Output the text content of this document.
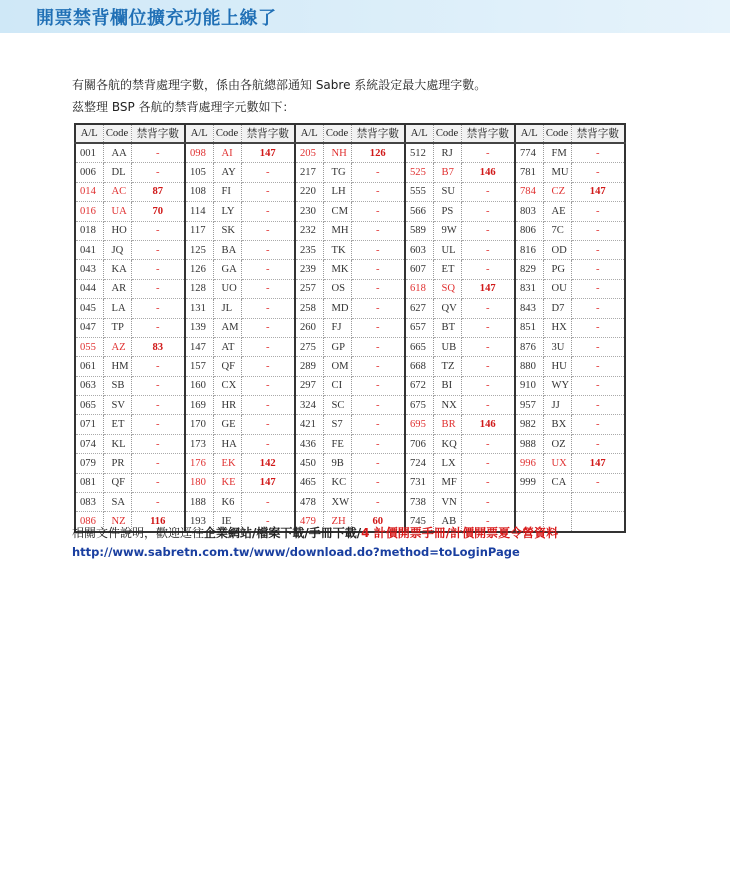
開票禁背欄位擴充功能上線了
有關各航的禁背處理字數，係由各航總部通知 Sabre 系統設定最大處理字數。
茲整理 BSP 各航的禁背處理字元數如下：
A/L	Code	禁背字數	A/L	Code	禁背字數	A/L	Code	禁背字數	A/L	Code	禁背字數	A/L	Code	禁背字數
001	AA	-	098	AI	147	205	NH	126	512	RJ	-	774	FM	-
006	DL	-	105	AY	-	217	TG	-	525	B7	146	781	MU	-
014	AC	87	108	FI	-	220	LH	-	555	SU	-	784	CZ	147
016	UA	70	114	LY	-	230	CM	-	566	PS	-	803	AE	-
018	HO	-	117	SK	-	232	MH	-	589	9W	-	806	7C	-
041	JQ	-	125	BA	-	235	TK	-	603	UL	-	816	OD	-
043	KA	-	126	GA	-	239	MK	-	607	ET	-	829	PG	-
044	AR	-	128	UO	-	257	OS	-	618	SQ	147	831	OU	-
045	LA	-	131	JL	-	258	MD	-	627	QV	-	843	D7	-
047	TP	-	139	AM	-	260	FJ	-	657	BT	-	851	HX	-
055	AZ	83	147	AT	-	275	GP	-	665	UB	-	876	3U	-
061	HM	-	157	QF	-	289	OM	-	668	TZ	-	880	HU	-
063	SB	-	160	CX	-	297	CI	-	672	BI	-	910	WY	-
065	SV	-	169	HR	-	324	SC	-	675	NX	-	957	JJ	-
071	ET	-	170	GE	-	421	S7	-	695	BR	146	982	BX	-
074	KL	-	173	HA	-	436	FE	-	706	KQ	-	988	OZ	-
079	PR	-	176	EK	142	450	9B	-	724	LX	-	996	UX	147
081	QF	-	180	KE	147	465	KC	-	731	MF	-	999	CA	-
083	SA	-	188	K6	-	478	XW	-	738	VN	-			
086	NZ	116	193	IE	-	479	ZH	60	745	AB	-			
相關文件說明，歡迎逕往企業網站/檔案下載/手冊下載/4 計價開票手冊/計價開票夏令營資料
http://www.sabretn.com.tw/www/download.do?method=toLoginPage
